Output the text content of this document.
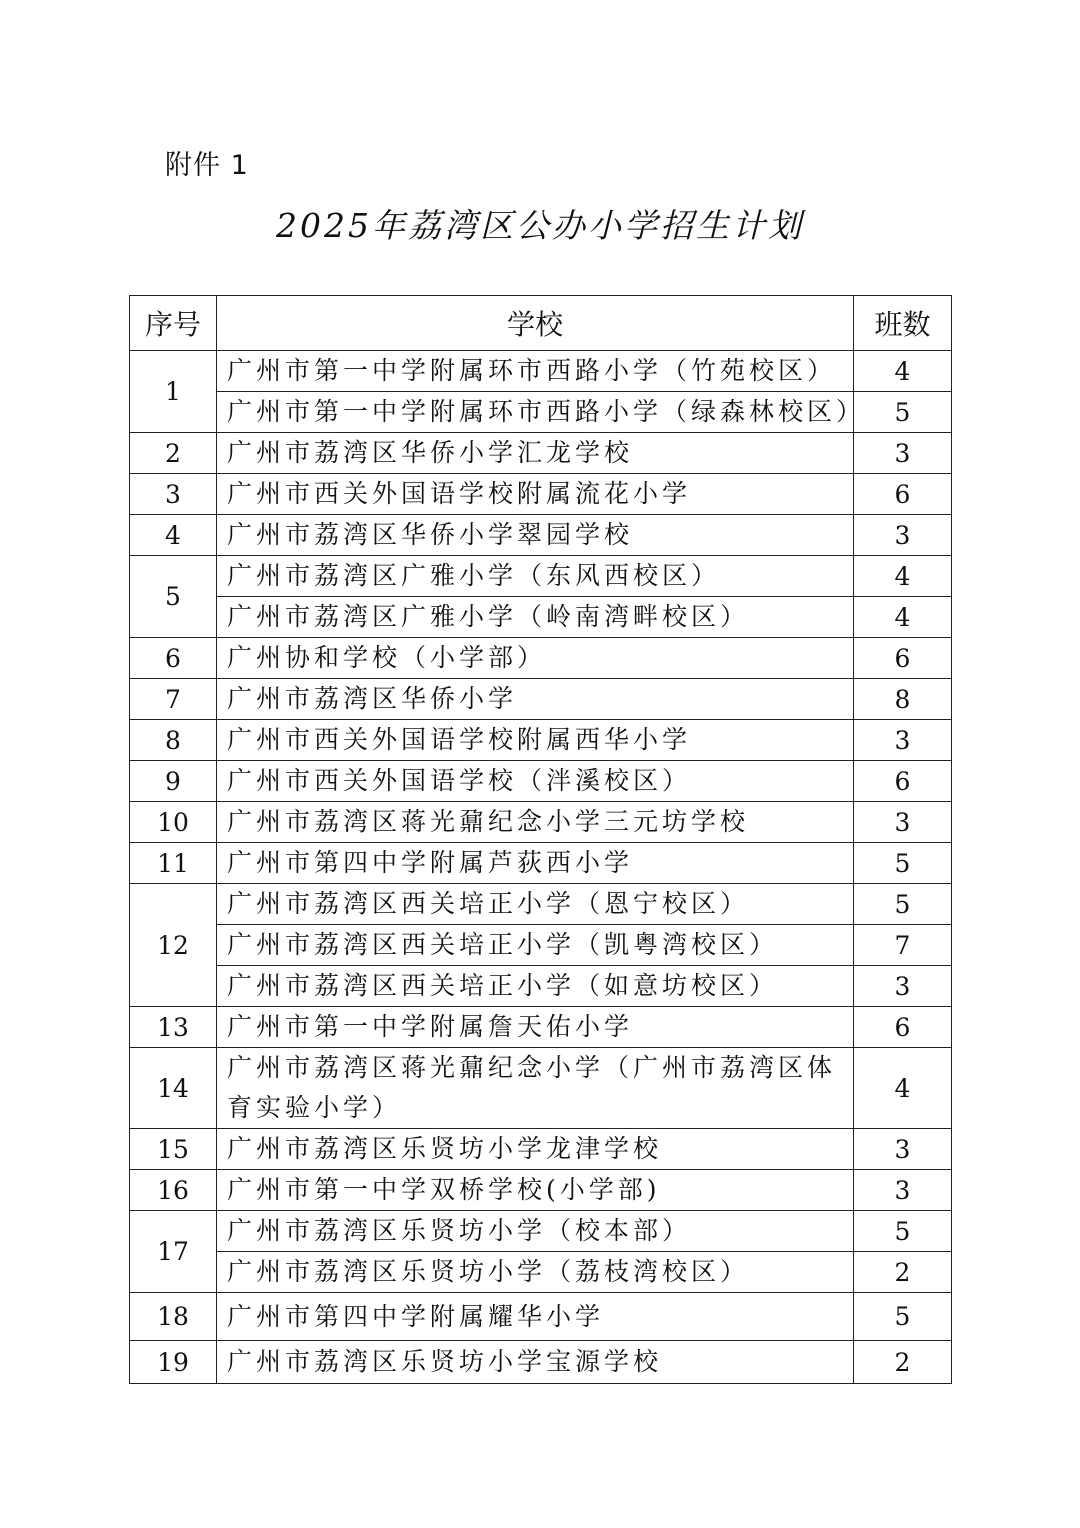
附件 1
2025年荔湾区公办小学招生计划
序号	学校	班数
1	广州市第一中学附属环市西路小学（竹苑校区）	4
	广州市第一中学附属环市西路小学（绿森林校区）	5
2	广州市荔湾区华侨小学汇龙学校	3
3	广州市西关外国语学校附属流花小学	6
4	广州市荔湾区华侨小学翠园学校	3
5	广州市荔湾区广雅小学（东风西校区）	4
	广州市荔湾区广雅小学（岭南湾畔校区）	4
6	广州协和学校（小学部）	6
7	广州市荔湾区华侨小学	8
8	广州市西关外国语学校附属西华小学	3
9	广州市西关外国语学校（泮溪校区）	6
10	广州市荔湾区蒋光鼐纪念小学三元坊学校	3
11	广州市第四中学附属芦荻西小学	5
12	广州市荔湾区西关培正小学（恩宁校区）	5
	广州市荔湾区西关培正小学（凯粤湾校区）	7
	广州市荔湾区西关培正小学（如意坊校区）	3
13	广州市第一中学附属詹天佑小学	6
14	广州市荔湾区蒋光鼐纪念小学（广州市荔湾区体育实验小学）	4
15	广州市荔湾区乐贤坊小学龙津学校	3
16	广州市第一中学双桥学校(小学部)	3
17	广州市荔湾区乐贤坊小学（校本部）	5
	广州市荔湾区乐贤坊小学（荔枝湾校区）	2
18	广州市第四中学附属耀华小学	5
19	广州市荔湾区乐贤坊小学宝源学校	2
